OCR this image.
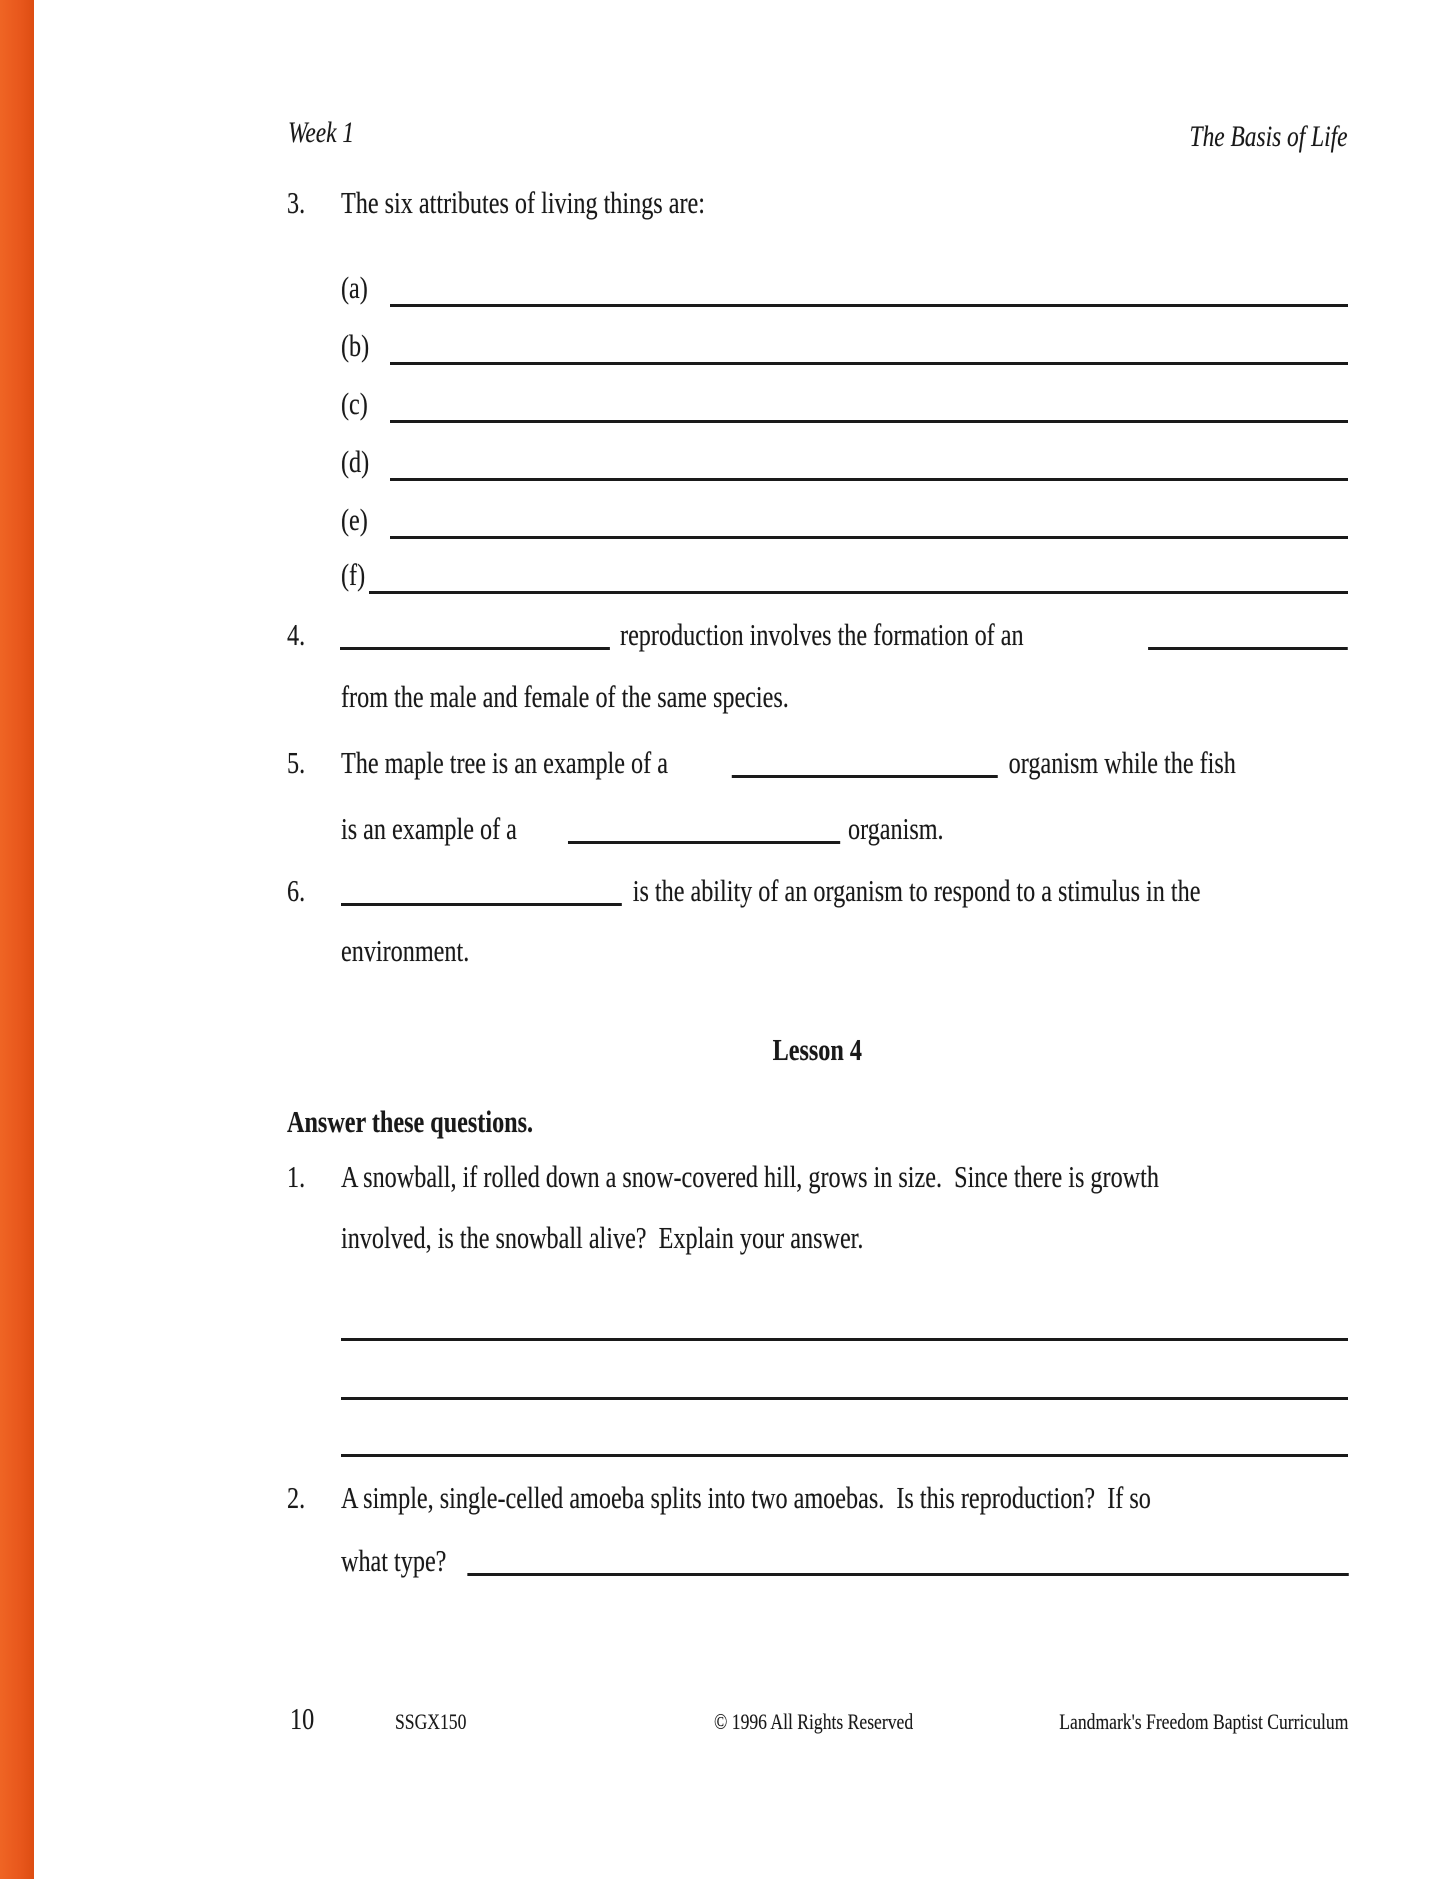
Week 1	The Basis of Life
3. The six attributes of living things are:
(a)
(b)
(c)
(d)
(e)
(f)
4.	reproduction involves the formation of an
from the male and female of the same species.
5. The maple tree is an example of a	organism while the fish
is an example of a	organism.
6.	is the ability of an organism to respond to a stimulus in the
environment.
Lesson 4
Answer these questions.
1. A snowball, if rolled down a snow-covered hill, grows in size.  Since there is growth
involved, is the snowball alive?  Explain your answer.
2. A simple, single-celled amoeba splits into two amoebas.  Is this reproduction?  If so
what type?
10	SSGX150	© 1996 All Rights Reserved	Landmark's Freedom Baptist Curriculum
